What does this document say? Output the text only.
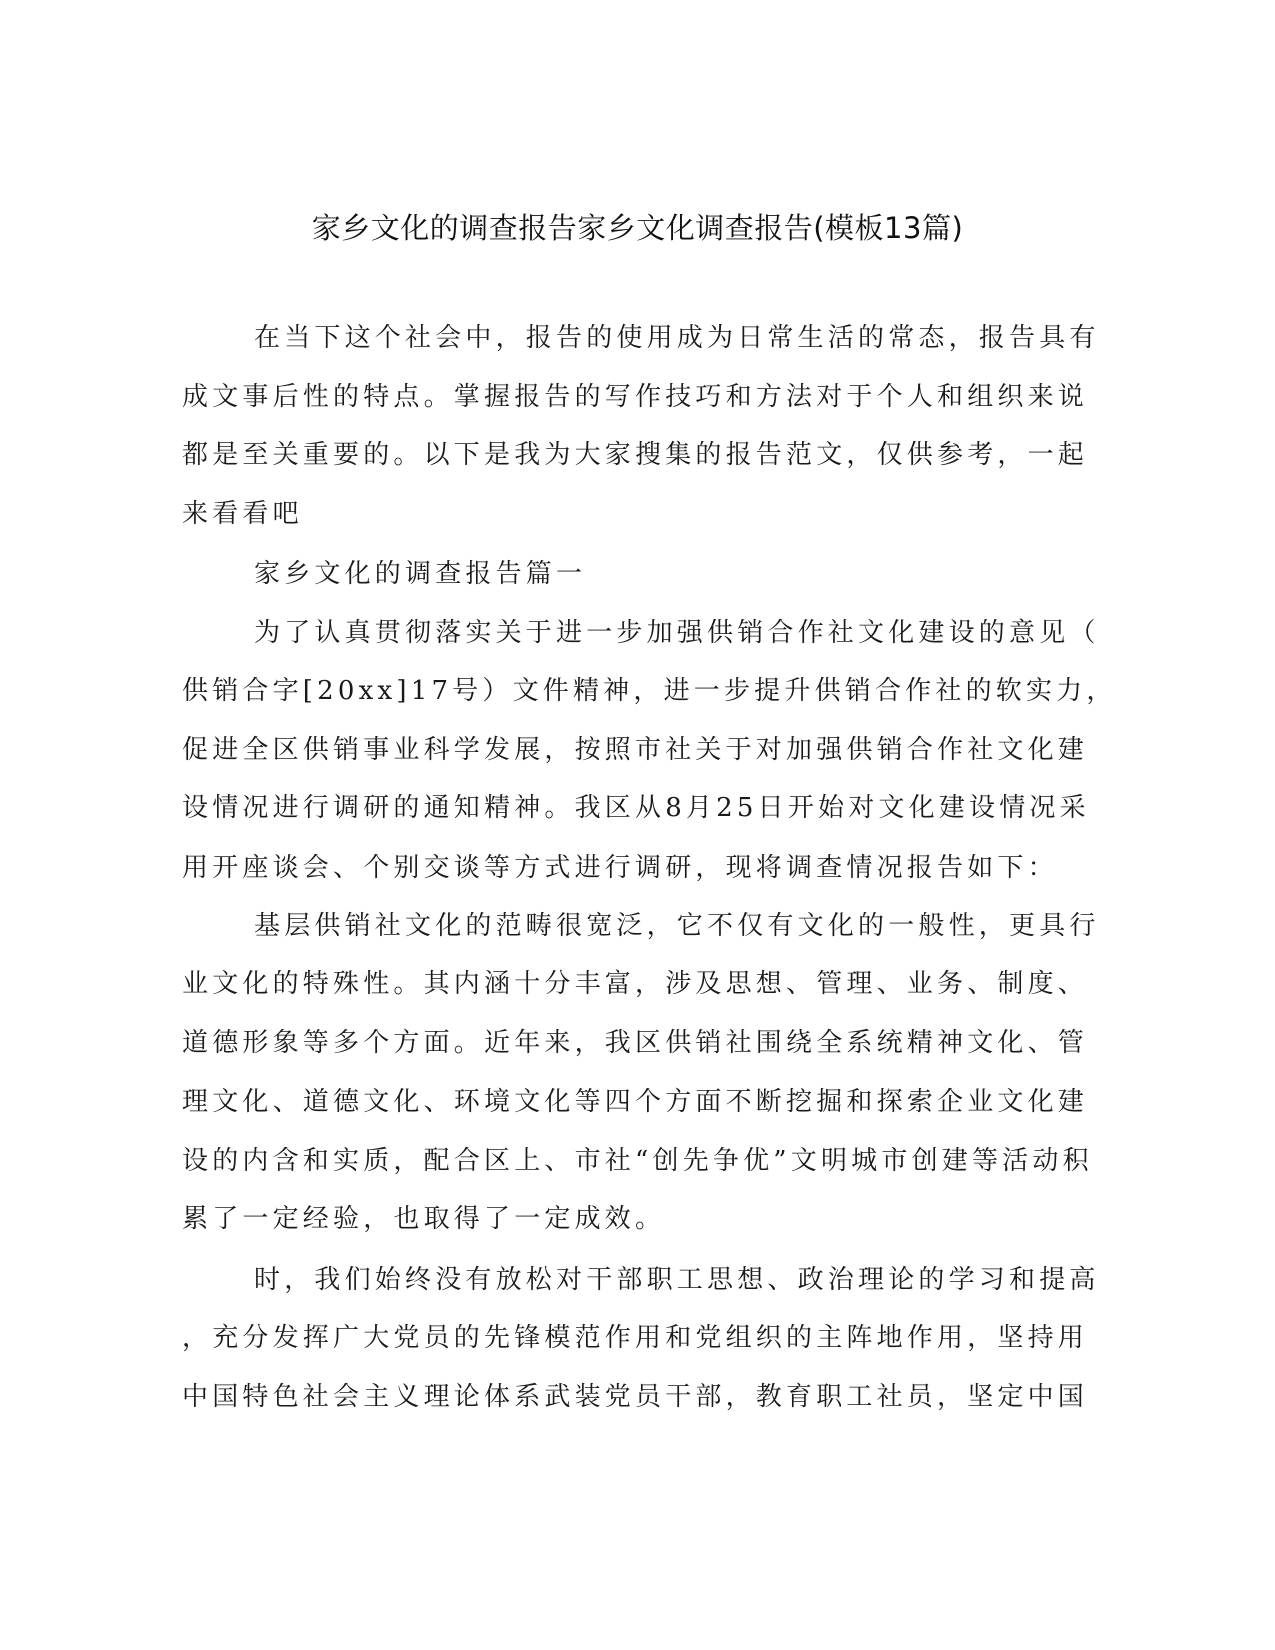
家乡文化的调查报告家乡文化调查报告(模板13篇)

在当下这个社会中，报告的使用成为日常生活的常态，报告具有

成文事后性的特点。掌握报告的写作技巧和方法对于个人和组织来说

都是至关重要的。以下是我为大家搜集的报告范文，仅供参考，一起

来看看吧

家乡文化的调查报告篇一

为了认真贯彻落实关于进一步加强供销合作社文化建设的意见（

供销合字[20xx]17号）文件精神，进一步提升供销合作社的软实力，

促进全区供销事业科学发展，按照市社关于对加强供销合作社文化建

设情况进行调研的通知精神。我区从8月25日开始对文化建设情况采

用开座谈会、个别交谈等方式进行调研，现将调查情况报告如下：

基层供销社文化的范畴很宽泛，它不仅有文化的一般性，更具行

业文化的特殊性。其内涵十分丰富，涉及思想、管理、业务、制度、

道德形象等多个方面。近年来，我区供销社围绕全系统精神文化、管

理文化、道德文化、环境文化等四个方面不断挖掘和探索企业文化建

设的内含和实质，配合区上、市社“创先争优”文明城市创建等活动积

累了一定经验，也取得了一定成效。

时，我们始终没有放松对干部职工思想、政治理论的学习和提高

，充分发挥广大党员的先锋模范作用和党组织的主阵地作用，坚持用

中国特色社会主义理论体系武装党员干部，教育职工社员，坚定中国
